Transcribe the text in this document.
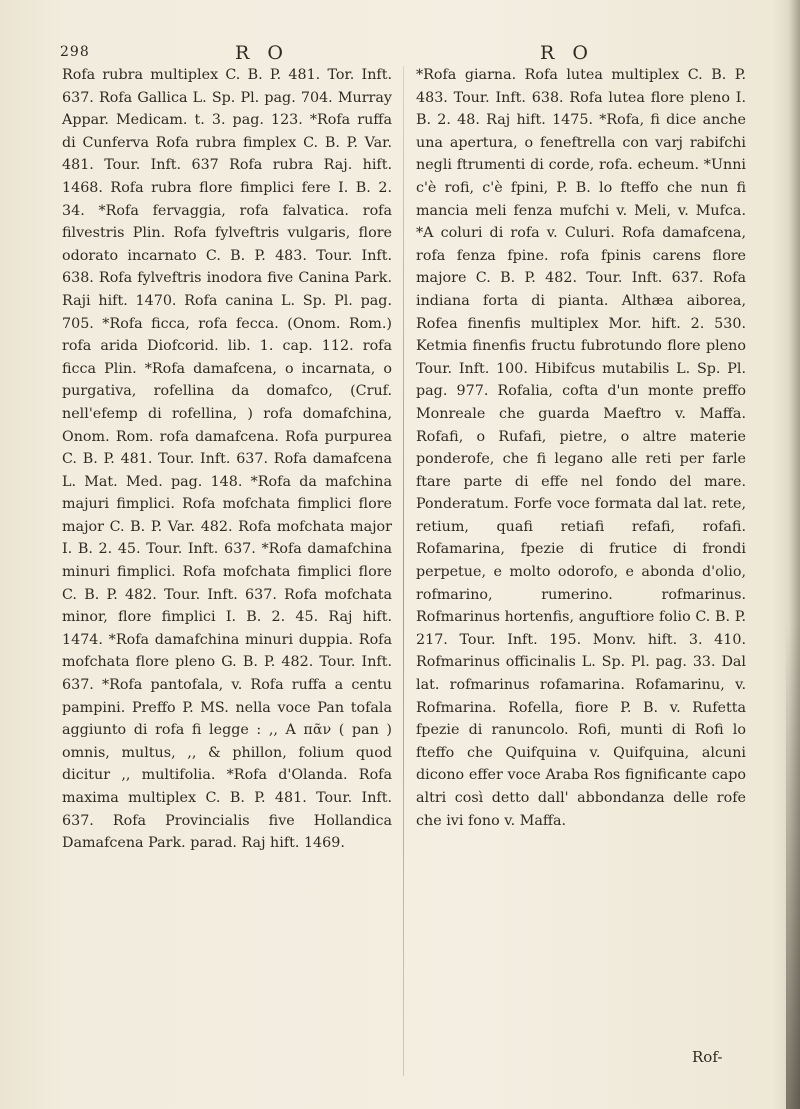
298	R O	R O

Rofa rubra multiplex C. B. P. 481. Tor. Inft. 637. Rofa Gallica L. Sp. Pl. pag. 704. Murray Appar. Medicam. t. 3. pag. 123. *Rofa ruffa di Cunferva Rofa rubra fimplex C. B. P. Var. 481. Tour. Inft. 637 Rofa rubra Raj. hift. 1468. Rofa rubra flore fimplici fere I. B. 2. 34. *Rofa fervaggia, rofa falvatica. rofa filvestris Plin. Rofa fylveftris vulgaris, flore odorato incarnato C. B. P. 483. Tour. Inft. 638. Rofa fylveftris inodora five Canina Park. Raji hift. 1470. Rofa canina L. Sp. Pl. pag. 705. *Rofa ficca, rofa fecca. (Onom. Rom.) rofa arida Diofcorid. lib. 1. cap. 112. rofa ficca Plin. *Rofa damafcena, o incarnata, o purgativa, rofellina da domafco, (Cruf. nell'efemp di rofellina, ) rofa domafchina, Onom. Rom. rofa damafcena. Rofa purpurea C. B. P. 481. Tour. Inft. 637. Rofa damafcena L. Mat. Med. pag. 148. *Rofa da mafchina majuri fimplici. Rofa mofchata fimplici flore major C. B. P. Var. 482. Rofa mofchata major I. B. 2. 45. Tour. Inft. 637. *Rofa damafchina minuri fimplici. Rofa mofchata fimplici flore C. B. P. 482. Tour. Inft. 637. Rofa mofchata minor, flore fimplici I. B. 2. 45. Raj hift. 1474. *Rofa damafchina minuri duppia. Rofa mofchata flore pleno G. B. P. 482. Tour. Inft. 637. *Rofa pantofala, v. Rofa ruffa a centu pampini. Preffo P. MS. nella voce Pan tofala aggiunto di rofa fi legge : ,, A πᾶν ( pan ) omnis, multus, ,, & phillon, folium quod dicitur ,, multifolia. *Rofa d'Olanda. Rofa maxima multiplex C. B. P. 481. Tour. Inft. 637. Rofa Provincialis five Hollandica Damafcena Park. parad. Raj hift. 1469.

*Rofa giarna. Rofa lutea multiplex C. B. P. 483. Tour. Inft. 638. Rofa lutea flore pleno I. B. 2. 48. Raj hift. 1475. *Rofa, fi dice anche una apertura, o feneftrella con varj rabifchi negli ftrumenti di corde, rofa. echeum. *Unni c'è rofi, c'è fpini, P. B. lo fteffo che nun fi mancia meli fenza mufchi v. Meli, v. Mufca. *A coluri di rofa v. Culuri. Rofa damafcena, rofa fenza fpine. rofa fpinis carens flore majore C. B. P. 482. Tour. Inft. 637. Rofa indiana forta di pianta. Althæa aiborea, Rofea finenfis multiplex Mor. hift. 2. 530. Ketmia finenfis fructu fubrotundo flore pleno Tour. Inft. 100. Hibifcus mutabilis L. Sp. Pl. pag. 977. Rofalia, cofta d'un monte preffo Monreale che guarda Maeftro v. Maffa. Rofafi, o Rufafi, pietre, o altre materie ponderofe, che fi legano alle reti per farle ftare parte di effe nel fondo del mare. Ponderatum. Forfe voce formata dal lat. rete, retium, quafi retiafi refafi, rofafi. Rofamarina, fpezie di frutice di frondi perpetue, e molto odorofo, e abonda d'olio, rofmarino, rumerino. rofmarinus. Rofmarinus hortenfis, anguftiore folio C. B. P. 217. Tour. Inft. 195. Monv. hift. 3. 410. Rofmarinus officinalis L. Sp. Pl. pag. 33. Dal lat. rofmarinus rofamarina. Rofamarinu, v. Rofmarina. Rofella, fiore P. B. v. Rufetta fpezie di ranuncolo. Rofi, munti di Rofi lo fteffo che Quifquina v. Quifquina, alcuni dicono effer voce Araba Ros fignificante capo altri così detto dall' abbondanza delle rofe che ivi fono v. Maffa.

Rof-
